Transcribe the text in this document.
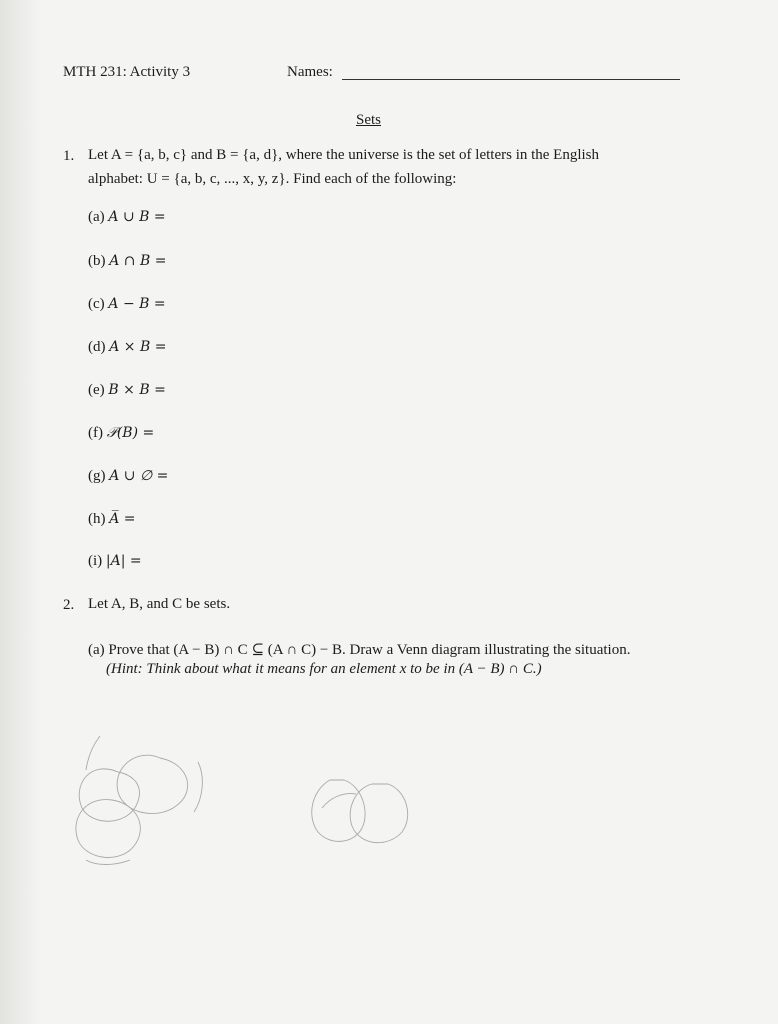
MTH 231: Activity 3	Names:
Sets
1. Let A = {a, b, c} and B = {a, d}, where the universe is the set of letters in the English
alphabet: U = {a, b, c, ..., x, y, z}. Find each of the following:
(a) A ∪ B =
(b) A ∩ B =
(c) A − B =
(d) A × B =
(e) B × B =
(f) 𝒫(B) =
(g) A ∪ ∅ =
(h) A̅ =
(i) |A| =
2. Let A, B, and C be sets.
(a) Prove that (A − B) ∩ C ⊆ (A ∩ C) − B. Draw a Venn diagram illustrating the situation.
(Hint: Think about what it means for an element x to be in (A − B) ∩ C.)
